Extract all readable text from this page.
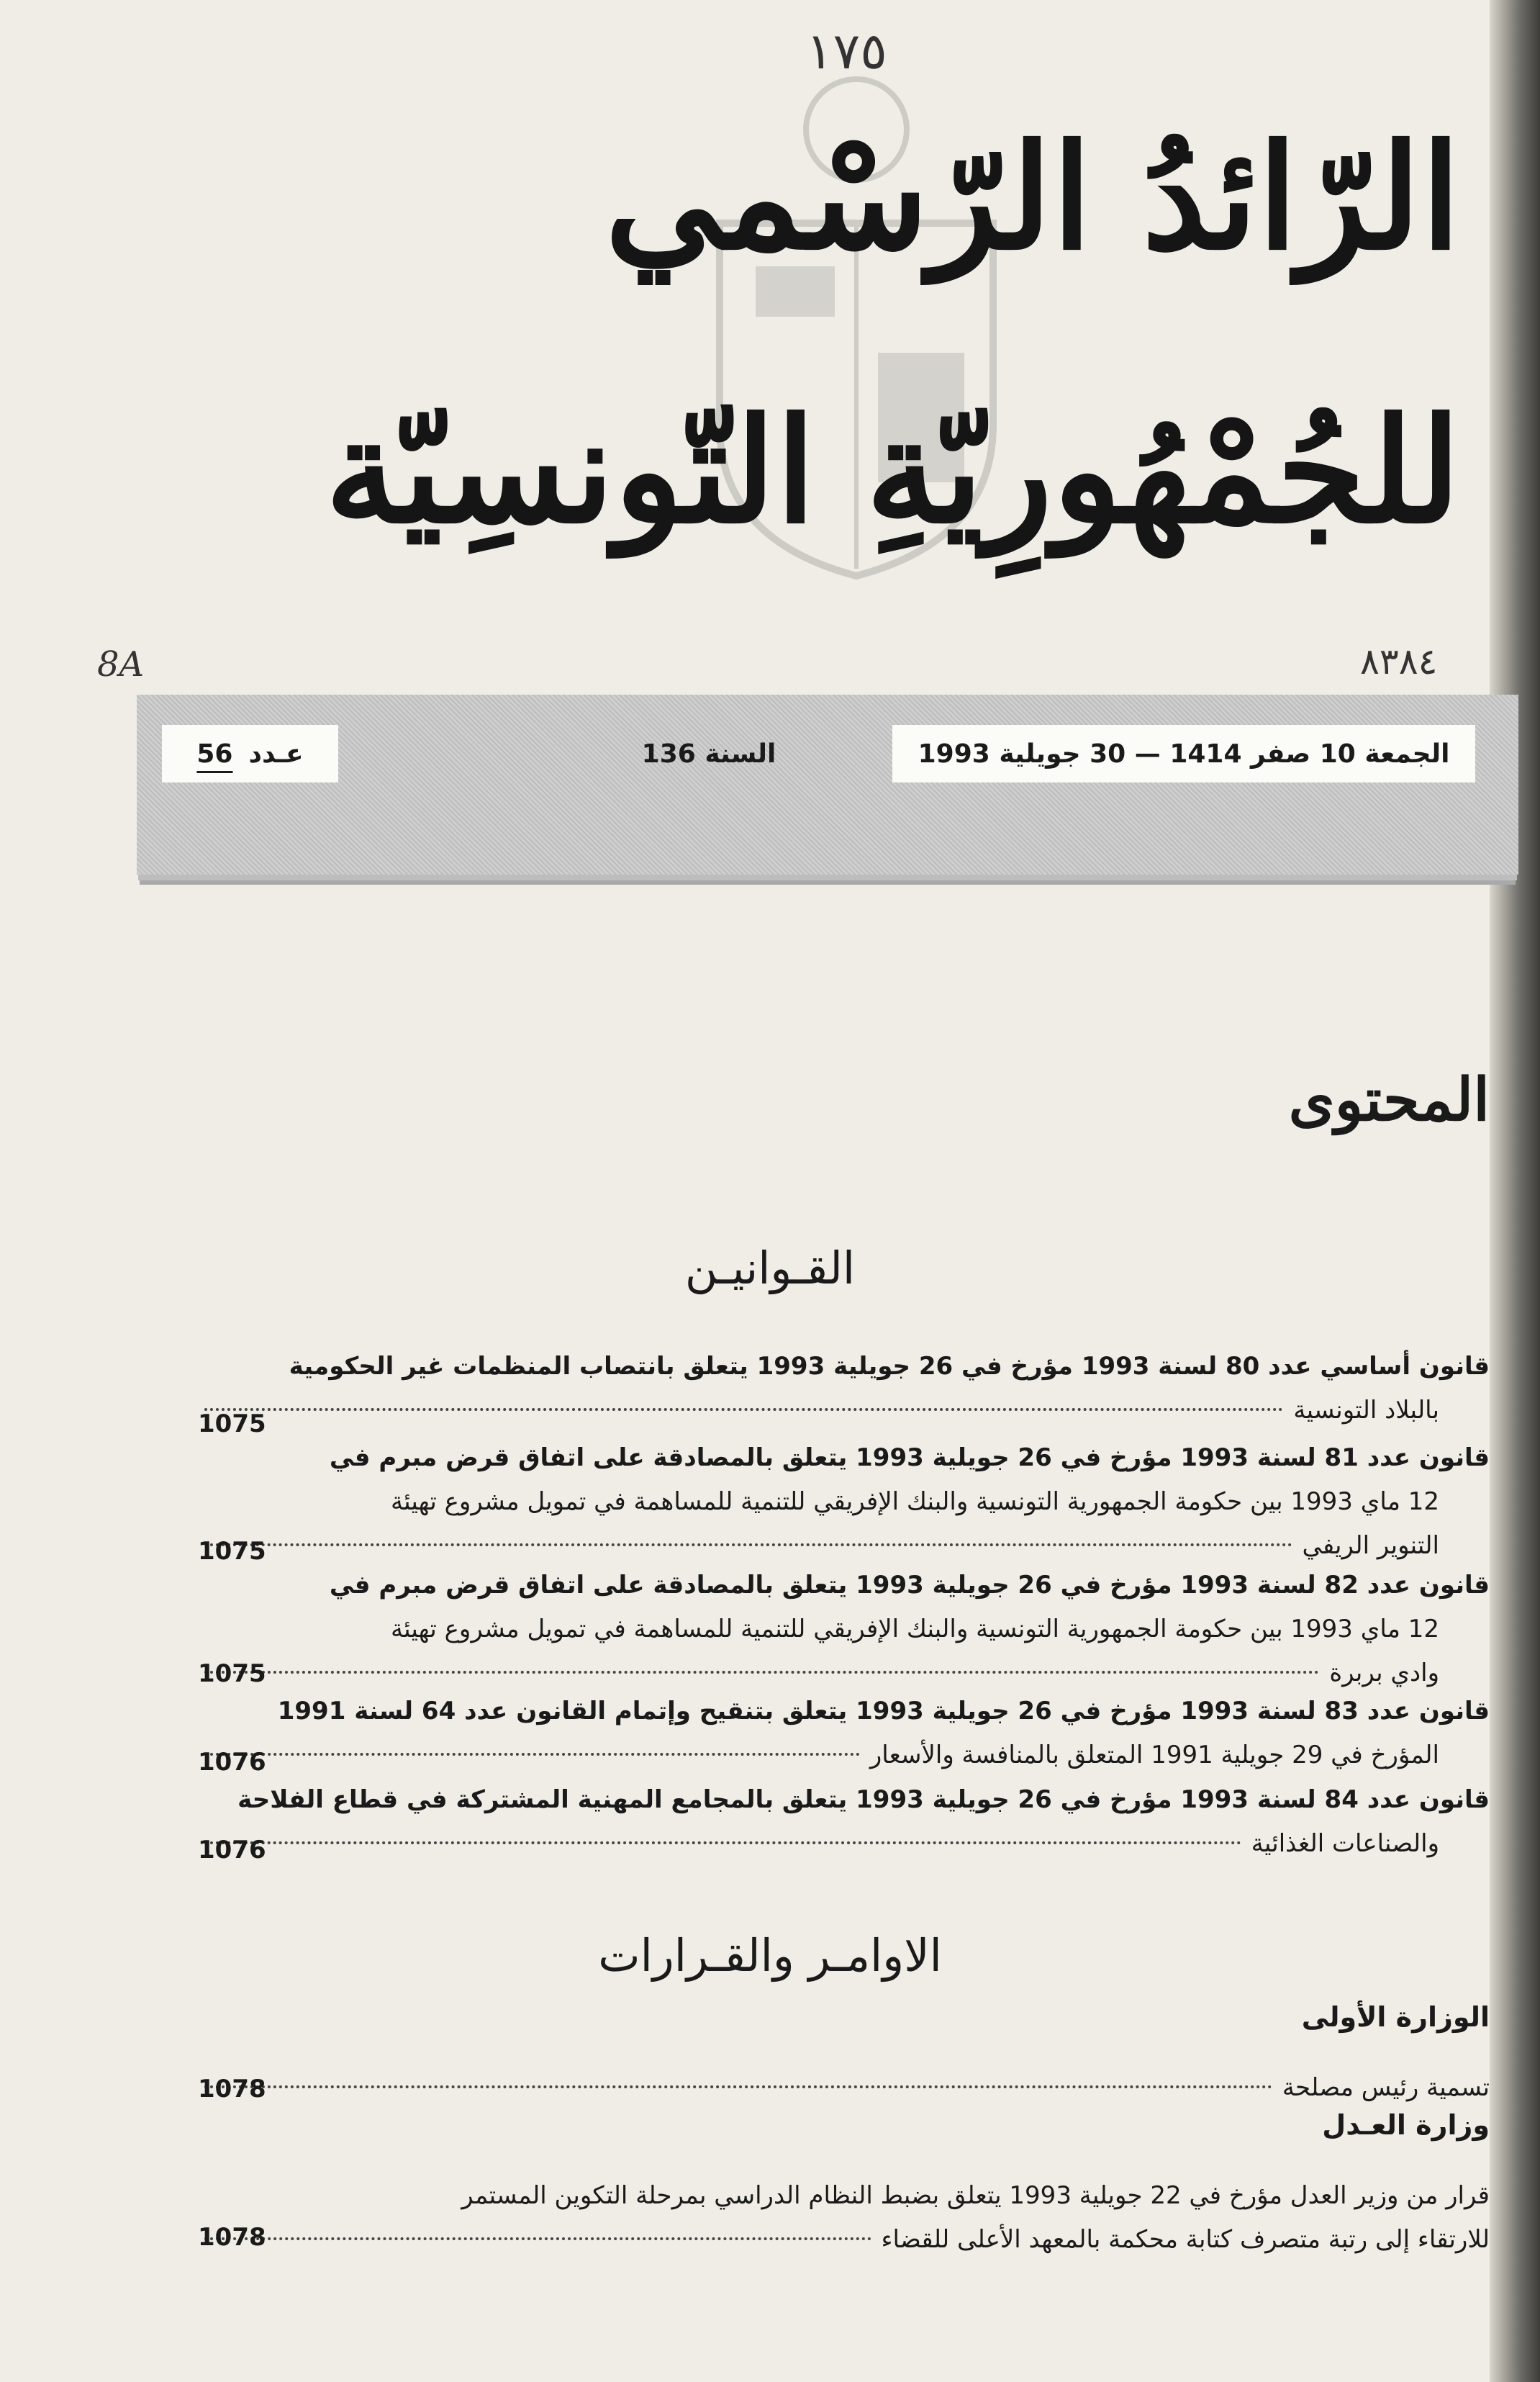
١٧٥
٨٣٨٤
8A
الرّائدُ الرّسْمي
للجُمْهُورِيّةِ التّونسِيّة
الجمعة 10 صفر 1414 — 30 جويلية 1993
السنة 136
عـدد
56
المحتوى
القـوانيـن
قانون أساسي عدد 80 لسنة 1993 مؤرخ في 26 جويلية 1993 يتعلق بانتصاب المنظمات غير الحكومية
بالبلاد التونسية
1075
قانون عدد 81 لسنة 1993 مؤرخ في 26 جويلية 1993 يتعلق بالمصادقة على اتفاق قرض مبرم في
12 ماي 1993 بين حكومة الجمهورية التونسية والبنك الإفريقي للتنمية للمساهمة في تمويل مشروع تهيئة
التنوير الريفي
1075
قانون عدد 82 لسنة 1993 مؤرخ في 26 جويلية 1993 يتعلق بالمصادقة على اتفاق قرض مبرم في
12 ماي 1993 بين حكومة الجمهورية التونسية والبنك الإفريقي للتنمية للمساهمة في تمويل مشروع تهيئة
وادي بربرة
1075
قانون عدد 83 لسنة 1993 مؤرخ في 26 جويلية 1993 يتعلق بتنقيح وإتمام القانون عدد 64 لسنة 1991
المؤرخ في 29 جويلية 1991 المتعلق بالمنافسة والأسعار
1076
قانون عدد 84 لسنة 1993 مؤرخ في 26 جويلية 1993 يتعلق بالمجامع المهنية المشتركة في قطاع الفلاحة
والصناعات الغذائية
1076
الاوامـر والقـرارات
الوزارة الأولى
تسمية رئيس مصلحة
1078
وزارة العـدل
قرار من وزير العدل مؤرخ في 22 جويلية 1993 يتعلق بضبط النظام الدراسي بمرحلة التكوين المستمر
للارتقاء إلى رتبة متصرف كتابة محكمة بالمعهد الأعلى للقضاء
1078
